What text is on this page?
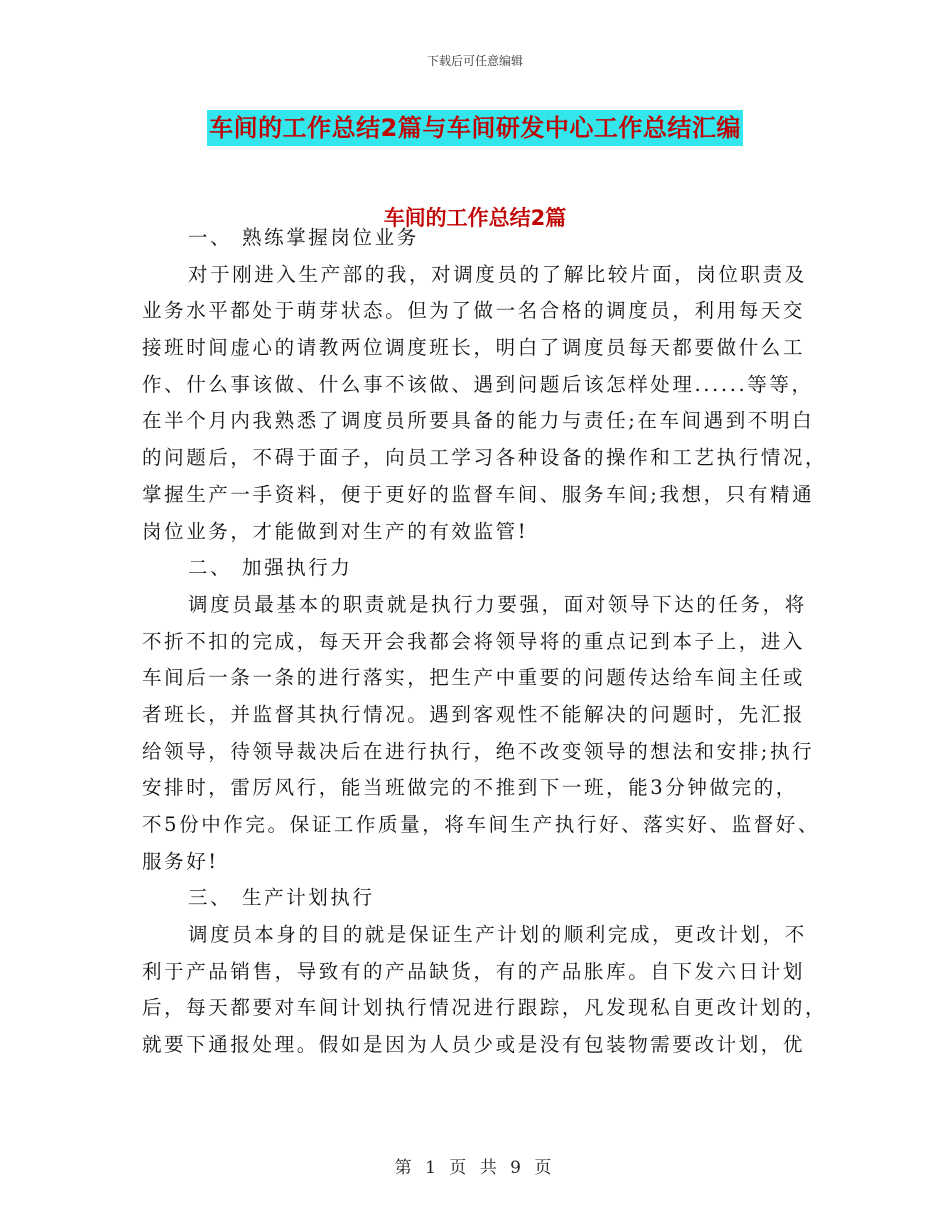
下载后可任意编辑
车间的工作总结2篇与车间研发中心工作总结汇编
车间的工作总结2篇
一、 熟练掌握岗位业务
对于刚进入生产部的我，对调度员的了解比较片面，岗位职责及
业务水平都处于萌芽状态。但为了做一名合格的调度员，利用每天交
接班时间虚心的请教两位调度班长，明白了调度员每天都要做什么工
作、什么事该做、什么事不该做、遇到问题后该怎样处理......等等，
在半个月内我熟悉了调度员所要具备的能力与责任;在车间遇到不明白
的问题后，不碍于面子，向员工学习各种设备的操作和工艺执行情况，
掌握生产一手资料，便于更好的监督车间、服务车间;我想，只有精通
岗位业务，才能做到对生产的有效监管!
二、 加强执行力
调度员最基本的职责就是执行力要强，面对领导下达的任务，将
不折不扣的完成，每天开会我都会将领导将的重点记到本子上，进入
车间后一条一条的进行落实，把生产中重要的问题传达给车间主任或
者班长，并监督其执行情况。遇到客观性不能解决的问题时，先汇报
给领导，待领导裁决后在进行执行，绝不改变领导的想法和安排;执行
安排时，雷厉风行，能当班做完的不推到下一班，能3分钟做完的，
不5份中作完。保证工作质量，将车间生产执行好、落实好、监督好、
服务好!
三、 生产计划执行
调度员本身的目的就是保证生产计划的顺利完成，更改计划，不
利于产品销售，导致有的产品缺货，有的产品胀库。自下发六日计划
后，每天都要对车间计划执行情况进行跟踪，凡发现私自更改计划的，
就要下通报处理。假如是因为人员少或是没有包装物需要改计划，优
第 1 页 共 9 页
